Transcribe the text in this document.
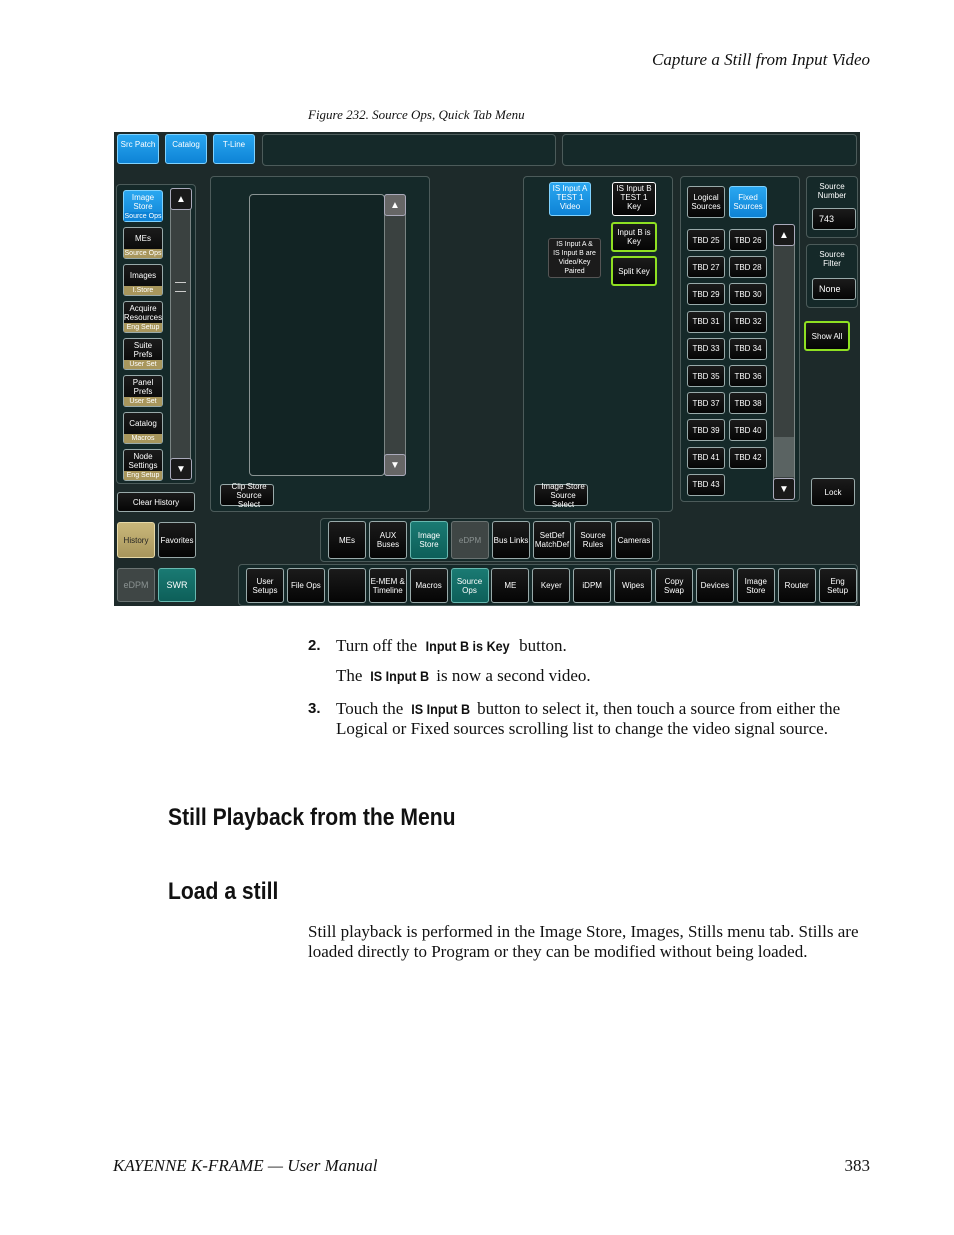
Capture a Still from Input Video
Figure 232. Source Ops, Quick Tab Menu
Src Patch Catalog	T-Line
Image
Store
Source Ops
MEs
Source Ops
Images
I.Store
Acquire
Resources
Eng Setup
Suite
Prefs
User Set
Panel
Prefs
User Set
Catalog
Macros
Node
Settings
Eng Setup
▲
▼
Clear History
History Favorites
eDPM SWR
▲
▼
Clip Store
Source Select
IS Input A
TEST 1
Video
IS Input B
TEST 1
Key
Input B is
Key
IS Input A &
IS Input B are
Video/Key
Paired	Split Key
Image Store
Source Select
Logical
Sources
Fixed
Sources
TBD 25	TBD 26
TBD 27	TBD 28
TBD 29	TBD 30
TBD 31	TBD 32
TBD 33	TBD 34
TBD 35	TBD 36
TBD 37	TBD 38
TBD 39	TBD 40
TBD 41	TBD 42
TBD 43
▲
▼
Source
Number
743
Source
Filter
None
Show All
Lock
MEs	AUX
Buses
Image
Store	eDPM	Bus Links	SetDef
MatchDef
Source
Rules	Cameras
User
Setups	File Ops	E-MEM &
Timeline	Macros	Source
Ops	ME	Keyer	iDPM	Wipes	Copy
Swap	Devices	Image
Store	Router	Eng
Setup
2. Turn off the Input B is Key button.
The IS Input B is now a second video.
3. Touch the IS Input B button to select it, then touch a source from either the Logical or Fixed sources scrolling list to change the video signal source.
Still Playback from the Menu
Load a still
Still playback is performed in the Image Store, Images, Stills menu tab. Stills are loaded directly to Program or they can be modified without being loaded.
KAYENNE K-FRAME — User Manual	383
